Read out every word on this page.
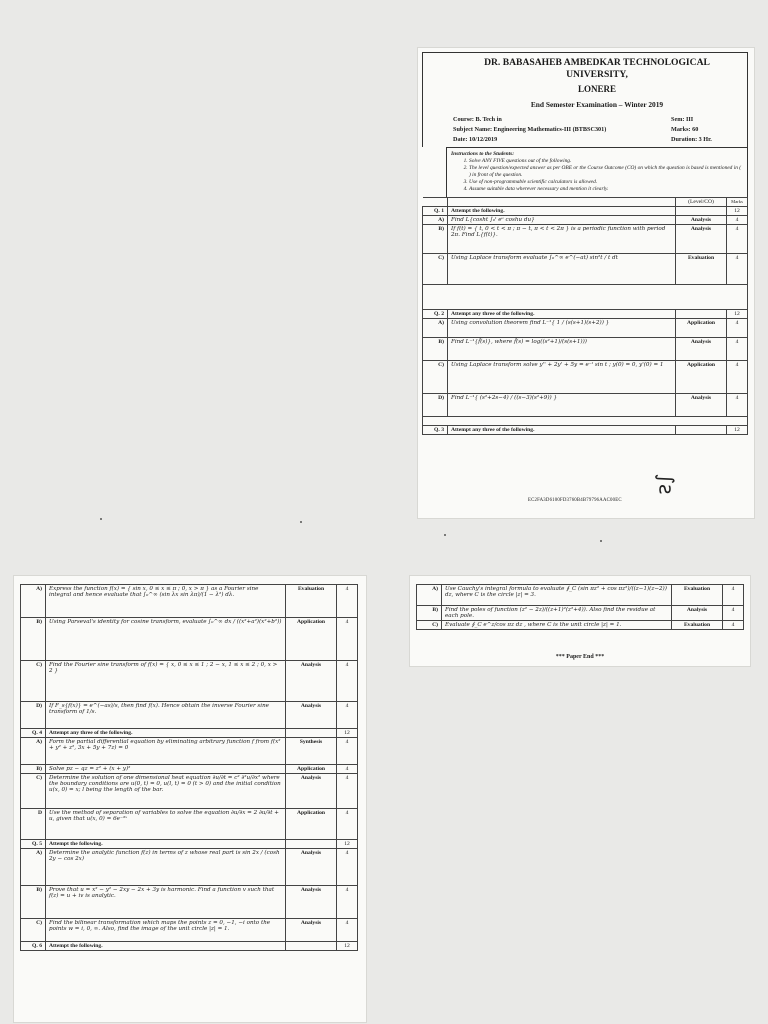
DR. BABASAHEB AMBEDKAR TECHNOLOGICAL UNIVERSITY,
LONERE
End Semester Examination – Winter 2019
Course: B. Tech in	Sem: III
Subject Name: Engineering Mathematics-III (BTBSC301)	Marks: 60
Date: 10/12/2019	Duration: 3 Hr.
Instructions to the Students:
1. Solve ANY FIVE questions out of the following.
2. The level question/expected answer as per OBE or the Course Outcome (CO) on which the question is based is mentioned in ( ) in front of the question.
3. Use of non-programmable scientific calculators is allowed.
4. Assume suitable data wherever necessary and mention it clearly.
		(Level/CO)	Marks
Q. 1	Attempt the following.		12
A)	Find L{cosht ∫₀ᵗ eᵘ coshu du}	Analysis	4
B)	If f(t) = { t, 0 < t < π ; π − t, π < t < 2π } is a periodic function with period 2π. Find L{f(t)}.	Analysis	4
C)	Using Laplace transform evaluate ∫₀^∞ e^(−at) sin²t / t dt	Evaluation	4

Q. 2	Attempt any three of the following.		12
A)	Using convolution theorem find L⁻¹{ 1 / (s(s+1)(s+2)) }	Application	4
B)	Find L⁻¹{f̄(s)}, where f̄(s) = log((s²+1)/(s(s+1)))	Analysis	4
C)	Using Laplace transform solve y'' + 2y' + 5y = e⁻ᵗ sin t ; y(0) = 0, y'(0) = 1	Application	4
D)	Find L⁻¹{ (s²+2s−4) / ((s−3)(s²+9)) }	Analysis	4

Q. 3	Attempt any three of the following.		12
∫ƨ
EC2FA3D6100FD3760B4B79796AAC00EC
A)	Express the function f(x) = { sin x, 0 ≤ x ≤ π ; 0, x > π } as a Fourier sine integral and hence evaluate that ∫₀^∞ (sin λx sin λπ)/(1 − λ²) dλ.	Evaluation	4
B)	Using Parseval's identity for cosine transform, evaluate ∫₀^∞ dx / ((x²+a²)(x²+b²))	Application	4
C)	Find the Fourier sine transform of f(x) = { x, 0 ≤ x ≤ 1 ; 2 − x, 1 ≤ x ≤ 2 ; 0, x > 2 }	Analysis	4
D)	If F_s{f(x)} = e^(−as)/s, then find f(x). Hence obtain the inverse Fourier sine transform of 1/s.	Analysis	4
Q. 4	Attempt any three of the following.		12
A)	Form the partial differential equation by eliminating arbitrary function f from f(x² + y² + z², 3x + 5y + 7z) = 0	Synthesis	4
B)	Solve pz − qz = z² + (x + y)²	Application	4
C)	Determine the solution of one dimensional heat equation ∂u/∂t = c² ∂²u/∂x² where the boundary conditions are u(0, t) = 0, u(l, t) = 0 (t > 0) and the initial condition u(x, 0) = x; l being the length of the bar.	Analysis	4
D	Use the method of separation of variables to solve the equation ∂u/∂x = 2 ∂u/∂t + u, given that u(x, 0) = 6e⁻³ˣ	Application	4
Q. 5	Attempt the following.		12
A)	Determine the analytic function f(z) in terms of z whose real part is sin 2x / (cosh 2y − cos 2x)	Analysis	4
B)	Prove that u = x² − y² − 2xy − 2x + 3y is harmonic. Find a function v such that f(z) = u + iv is analytic.	Analysis	4
C)	Find the bilinear transformation which maps the points z = 0, −1, −i onto the points w = i, 0, ∞. Also, find the image of the unit circle |z| = 1.	Analysis	4
Q. 6	Attempt the following.		12
A)	Use Cauchy's integral formula to evaluate ∮_C (sin πz² + cos πz²)/((z−1)(z−2)) dz, where C is the circle |z| = 3.	Evaluation	4
B)	Find the poles of function (z² − 2z)/((z+1)²(z²+4)). Also find the residue at each pole.	Analysis	4
C)	Evaluate ∮_C e^z/cos πz dz , where C is the unit circle |z| = 1.	Evaluation	4
*** Paper End ***
